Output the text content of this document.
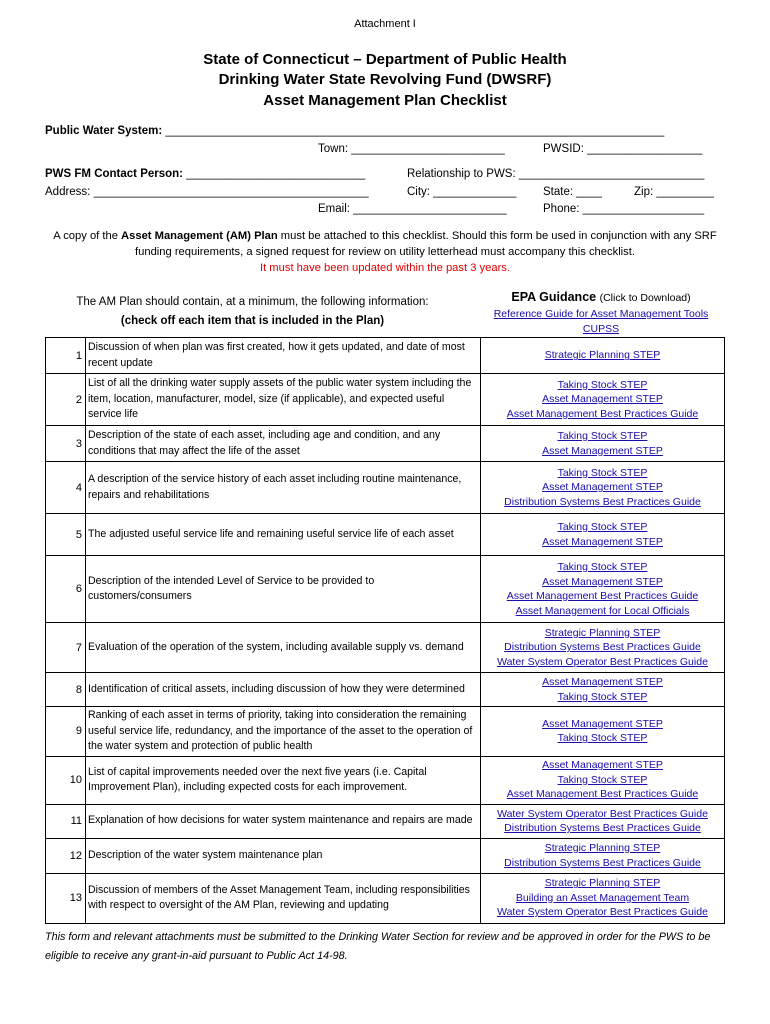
Attachment I
State of Connecticut – Department of Public Health
Drinking Water State Revolving Fund (DWSRF)
Asset Management Plan Checklist
Public Water System: ______________________________________________________________________________
Town: ________________________	PWSID: __________________
PWS FM Contact Person: ____________________________	Relationship to PWS: _____________________________
Address: ___________________________________________	City: _____________ State: ____	Zip: _________
Email: ________________________	Phone: ___________________
A copy of the Asset Management (AM) Plan must be attached to this checklist. Should this form be used in conjunction with any SRF funding requirements, a signed request for review on utility letterhead must accompany this checklist.
It must have been updated within the past 3 years.
The AM Plan should contain, at a minimum, the following information:
(check off each item that is included in the Plan)
EPA Guidance (Click to Download)
Reference Guide for Asset Management Tools
CUPSS
1	Discussion of when plan was first created, how it gets updated, and date of most recent update	Strategic Planning STEP

2	List of all the drinking water supply assets of the public water system including the item, location, manufacturer, model, size (if applicable), and expected useful service life	Taking Stock STEP
Asset Management STEP
Asset Management Best Practices Guide

3	Description of the state of each asset, including age and condition, and any conditions that may affect the life of the asset	Taking Stock STEP
Asset Management STEP

4	A description of the service history of each asset including routine maintenance, repairs and rehabilitations	Taking Stock STEP
Asset Management STEP
Distribution Systems Best Practices Guide

5	The adjusted useful service life and remaining useful service life of each asset	Taking Stock STEP
Asset Management STEP

6	Description of the intended Level of Service to be provided to customers/consumers	Taking Stock STEP
Asset Management STEP
Asset Management Best Practices Guide
Asset Management for Local Officials

7	Evaluation of the operation of the system, including available supply vs. demand	Strategic Planning STEP
Distribution Systems Best Practices Guide
Water System Operator Best Practices Guide

8	Identification of critical assets, including discussion of how they were determined	Asset Management STEP
Taking Stock STEP

9	Ranking of each asset in terms of priority, taking into consideration the remaining useful service life, redundancy, and the importance of the asset to the operation of the water system and protection of public health	Asset Management STEP
Taking Stock STEP

10	List of capital improvements needed over the next five years (i.e. Capital Improvement Plan), including expected costs for each improvement.	Asset Management STEP
Taking Stock STEP
Asset Management Best Practices Guide

11	Explanation of how decisions for water system maintenance and repairs are made	Water System Operator Best Practices Guide
Distribution Systems Best Practices Guide

12	Description of the water system maintenance plan	Strategic Planning STEP
Distribution Systems Best Practices Guide

13	Discussion of members of the Asset Management Team, including responsibilities with respect to oversight of the AM Plan, reviewing and updating	Strategic Planning STEP
Building an Asset Management Team
Water System Operator Best Practices Guide
This form and relevant attachments must be submitted to the Drinking Water Section for review and be approved in order for the PWS to be eligible to receive any grant-in-aid pursuant to Public Act 14-98.
